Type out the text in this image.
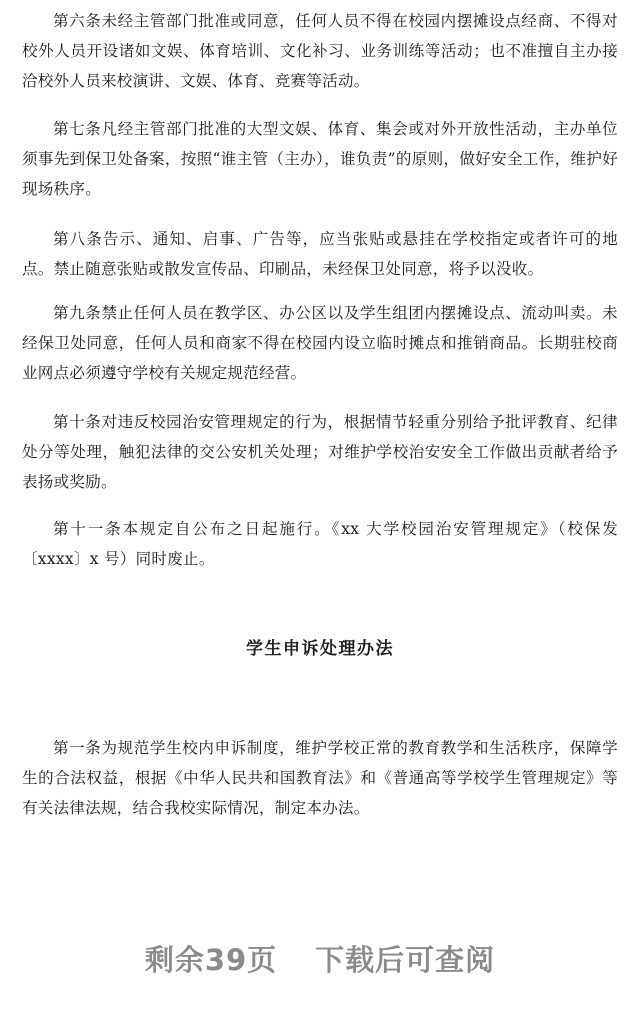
第六条未经主管部门批准或同意，任何人员不得在校园内摆摊设点经商、不得对校外人员开设诸如文娱、体育培训、文化补习、业务训练等活动；也不准擅自主办接洽校外人员来校演讲、文娱、体育、竞赛等活动。

第七条凡经主管部门批准的大型文娱、体育、集会或对外开放性活动，主办单位须事先到保卫处备案，按照“谁主管（主办），谁负责”的原则，做好安全工作，维护好现场秩序。

第八条告示、通知、启事、广告等，应当张贴或悬挂在学校指定或者许可的地点。禁止随意张贴或散发宣传品、印刷品，未经保卫处同意，将予以没收。

第九条禁止任何人员在教学区、办公区以及学生组团内摆摊设点、流动叫卖。未经保卫处同意，任何人员和商家不得在校园内设立临时摊点和推销商品。长期驻校商业网点必须遵守学校有关规定规范经营。

第十条对违反校园治安管理规定的行为，根据情节轻重分别给予批评教育、纪律处分等处理，触犯法律的交公安机关处理；对维护学校治安安全工作做出贡献者给予表扬或奖励。

第十一条本规定自公布之日起施行。《xx 大学校园治安管理规定》（校保发〔xxxx〕x 号）同时废止。

学生申诉处理办法

第一条为规范学生校内申诉制度，维护学校正常的教育教学和生活秩序，保障学生的合法权益，根据《中华人民共和国教育法》和《普通高等学校学生管理规定》等有关法律法规，结合我校实际情况，制定本办法。

剩余39页 下载后可查阅
